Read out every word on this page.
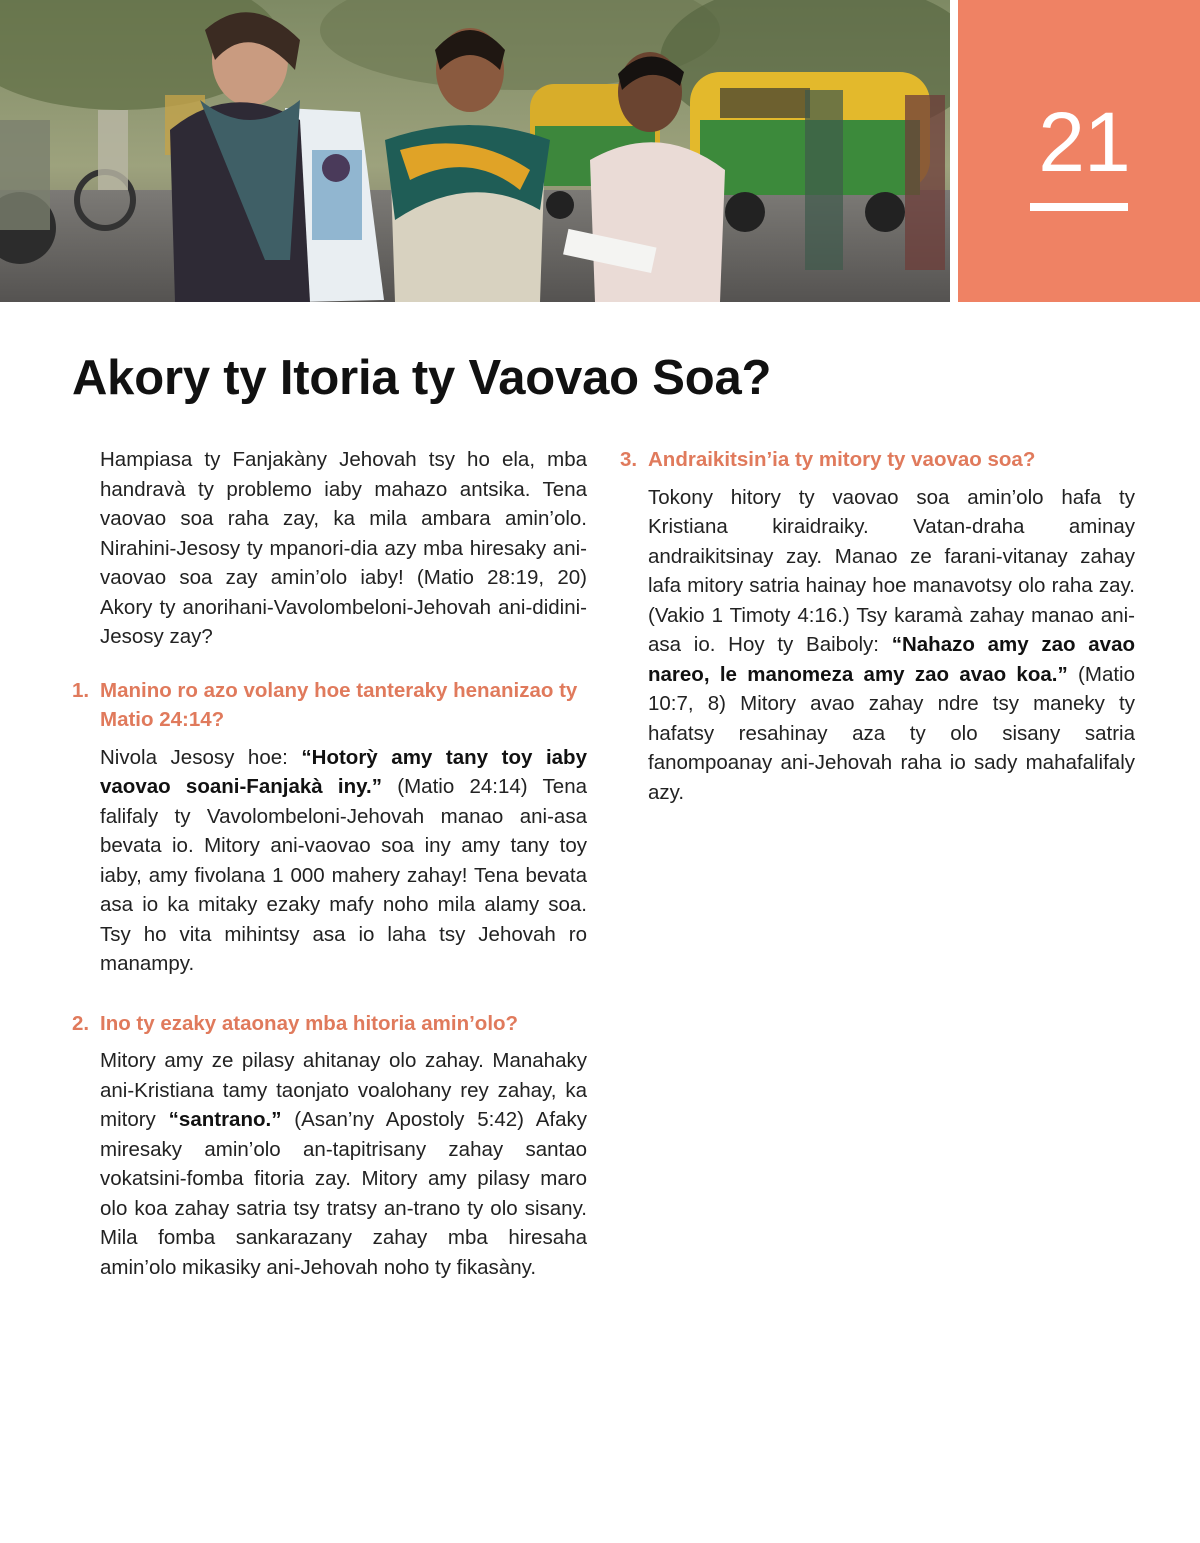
21
Akory ty Itoria ty Vaovao Soa?

Hampiasa ty Fanjakàny Jehovah tsy ho ela, mba handravà ty problemo iaby mahazo antsika. Tena vaovao soa raha zay, ka mila ambara amin’olo. Nirahini-Jesosy ty mpanori-dia azy mba hiresaky ani-vaovao soa zay amin’olo iaby! (Matio 28:19, 20) Akory ty anorihani-Vavolombeloni-Jehovah ani-didini-Jesosy zay?

1. Manino ro azo volany hoe tanteraky henanizao ty Matio 24:14?

Nivola Jesosy hoe: “Hotorỳ amy tany toy iaby vaovao soani-Fanjakà iny.” (Matio 24:14) Tena falifaly ty Vavolombeloni-Jehovah manao ani-asa bevata io. Mitory ani-vaovao soa iny amy tany toy iaby, amy fivolana 1 000 mahery zahay! Tena bevata asa io ka mitaky ezaky mafy noho mila alamy soa. Tsy ho vita mihintsy asa io laha tsy Jehovah ro manampy.

2. Ino ty ezaky ataonay mba hitoria amin’olo?

Mitory amy ze pilasy ahitanay olo zahay. Manahaky ani-Kristiana tamy taonjato voalohany rey zahay, ka mitory “santrano.” (Asan’ny Apostoly 5:42) Afaky miresaky amin’olo an-tapitrisany zahay santao vokatsini-fomba fitoria zay. Mitory amy pilasy maro olo koa zahay satria tsy tratsy an-trano ty olo sisany. Mila fomba sankarazany zahay mba hiresaha amin’olo mikasiky ani-Jehovah noho ty fikasàny.

3. Andraikitsin’ia ty mitory ty vaovao soa?

Tokony hitory ty vaovao soa amin’olo hafa ty Kristiana kiraidraiky. Vatan-draha aminay andraikitsinay zay. Manao ze farani-vitanay zahay lafa mitory satria hainay hoe manavotsy olo raha zay. (Vakio 1 Timoty 4:16.) Tsy karamà zahay manao ani-asa io. Hoy ty Baiboly: “Nahazo amy zao avao nareo, le manomeza amy zao avao koa.” (Matio 10:7, 8) Mitory avao zahay ndre tsy maneky ty hafatsy resahinay aza ty olo sisany satria fanompoanay ani-Jehovah raha io sady mahafalifaly azy.
